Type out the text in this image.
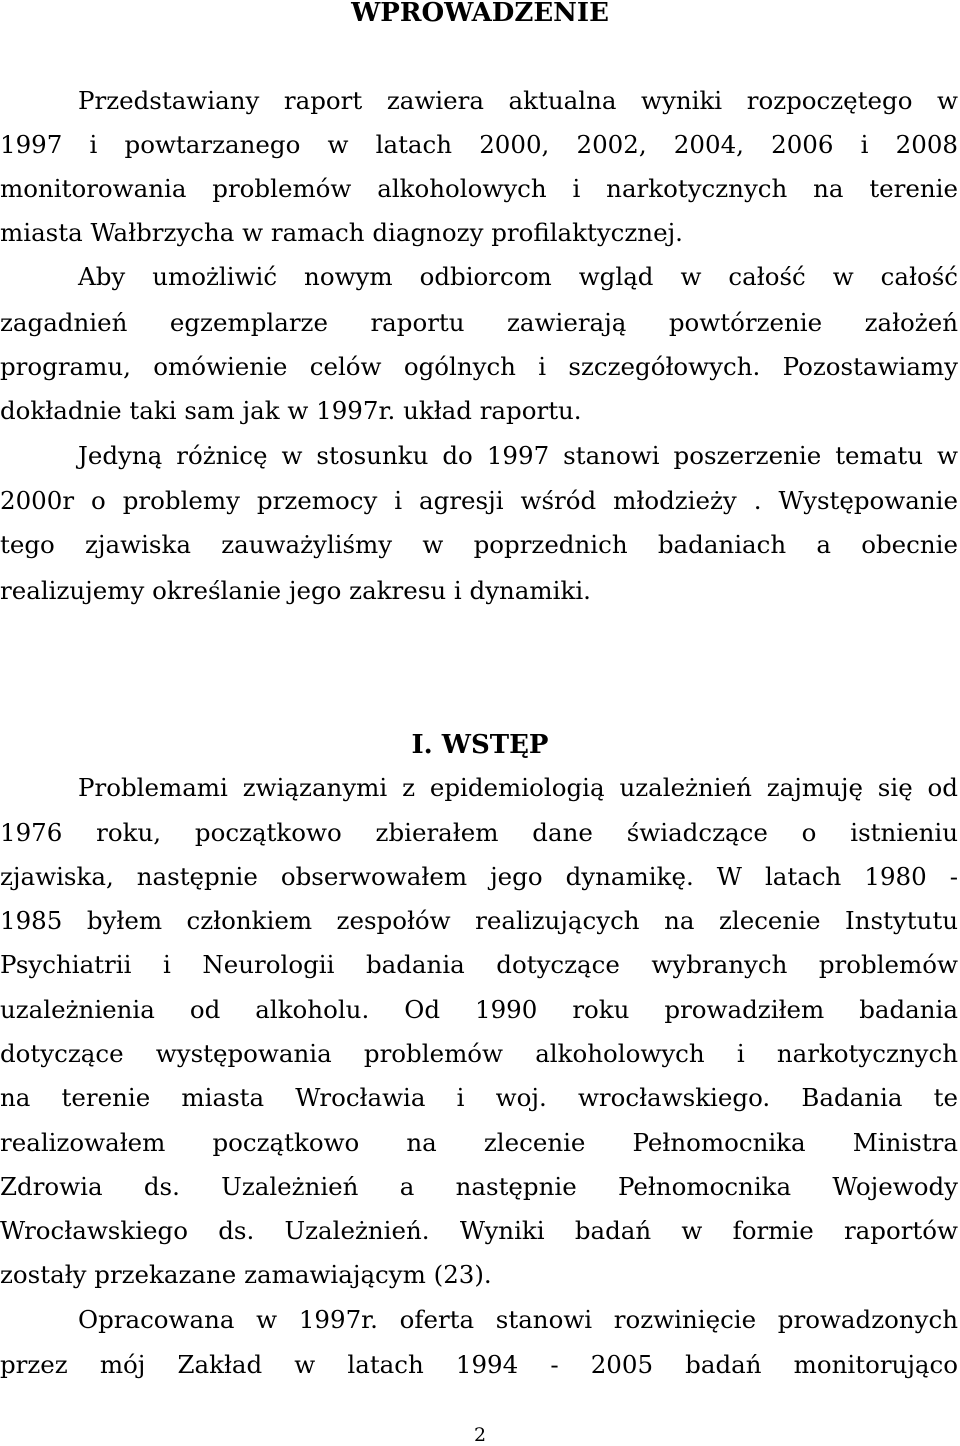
WPROWADZENIE
Przedstawiany raport zawiera aktualna wyniki rozpoczętego w
1997 i powtarzanego w latach 2000, 2002, 2004, 2006 i 2008
monitorowania problemów alkoholowych i narkotycznych na terenie
miasta Wałbrzycha w ramach diagnozy profilaktycznej.
Aby umożliwić nowym odbiorcom wgląd w całość w całość
zagadnień egzemplarze raportu zawierają powtórzenie założeń
programu, omówienie celów ogólnych i szczegółowych. Pozostawiamy
dokładnie taki sam jak w 1997r. układ raportu.
Jedyną różnicę w stosunku do 1997 stanowi poszerzenie tematu w
2000r o problemy przemocy i agresji wśród młodzieży . Występowanie
tego zjawiska zauważyliśmy w poprzednich badaniach a obecnie
realizujemy określanie jego zakresu i dynamiki.
I. WSTĘP
Problemami związanymi z epidemiologią uzależnień zajmuję się od
1976 roku, początkowo zbierałem dane świadczące o istnieniu
zjawiska, następnie obserwowałem jego dynamikę. W latach 1980 -
1985 byłem członkiem zespołów realizujących na zlecenie Instytutu
Psychiatrii i Neurologii badania dotyczące wybranych problemów
uzależnienia od alkoholu. Od 1990 roku prowadziłem badania
dotyczące występowania problemów alkoholowych i narkotycznych
na terenie miasta Wrocławia i woj. wrocławskiego. Badania te
realizowałem początkowo na zlecenie Pełnomocnika Ministra
Zdrowia ds. Uzależnień a następnie Pełnomocnika Wojewody
Wrocławskiego ds. Uzależnień. Wyniki badań w formie raportów
zostały przekazane zamawiającym (23).
Opracowana w 1997r. oferta stanowi rozwinięcie prowadzonych
przez mój Zakład w latach 1994 - 2005 badań monitorująco
2
